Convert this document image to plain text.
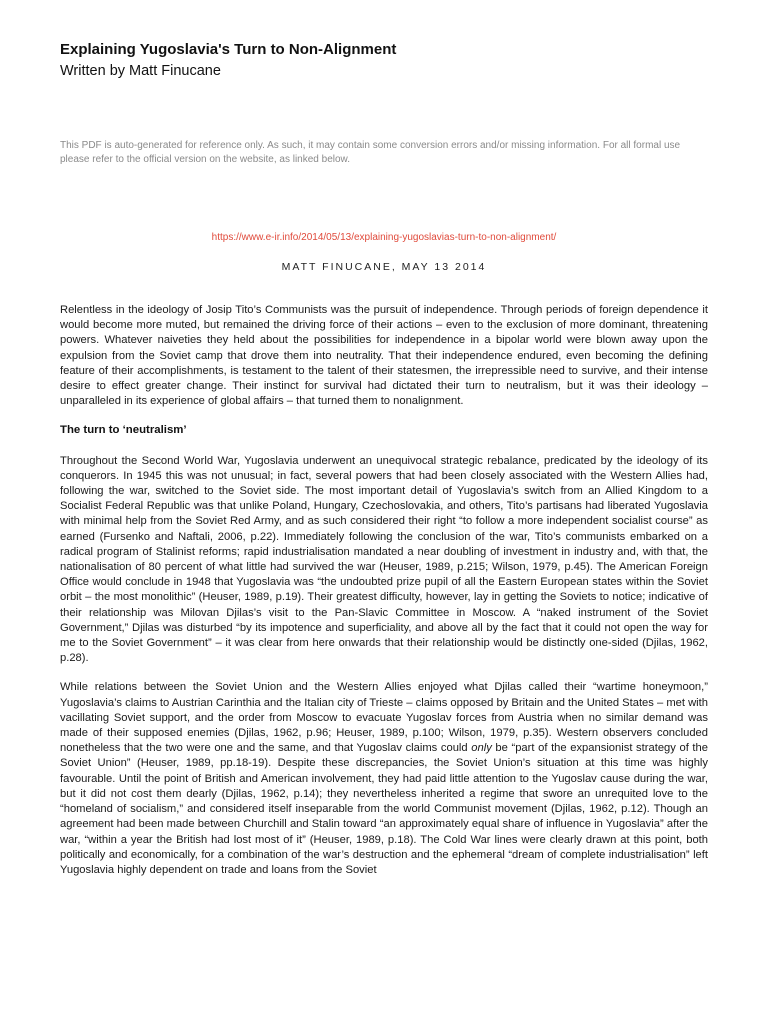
Explaining Yugoslavia's Turn to Non-Alignment
Written by Matt Finucane
This PDF is auto-generated for reference only. As such, it may contain some conversion errors and/or missing information. For all formal use please refer to the official version on the website, as linked below.
https://www.e-ir.info/2014/05/13/explaining-yugoslavias-turn-to-non-alignment/
MATT FINUCANE, MAY 13 2014

Relentless in the ideology of Josip Tito’s Communists was the pursuit of independence. Through periods of foreign dependence it would become more muted, but remained the driving force of their actions – even to the exclusion of more dominant, threatening powers. Whatever naiveties they held about the possibilities for independence in a bipolar world were blown away upon the expulsion from the Soviet camp that drove them into neutrality. That their independence endured, even becoming the defining feature of their accomplishments, is testament to the talent of their statesmen, the irrepressible need to survive, and their intense desire to effect greater change. Their instinct for survival had dictated their turn to neutralism, but it was their ideology – unparalleled in its experience of global affairs – that turned them to nonalignment.

The turn to ‘neutralism’

Throughout the Second World War, Yugoslavia underwent an unequivocal strategic rebalance, predicated by the ideology of its conquerors. In 1945 this was not unusual; in fact, several powers that had been closely associated with the Western Allies had, following the war, switched to the Soviet side. The most important detail of Yugoslavia’s switch from an Allied Kingdom to a Socialist Federal Republic was that unlike Poland, Hungary, Czechoslovakia, and others, Tito’s partisans had liberated Yugoslavia with minimal help from the Soviet Red Army, and as such considered their right “to follow a more independent socialist course” as earned (Fursenko and Naftali, 2006, p.22). Immediately following the conclusion of the war, Tito’s communists embarked on a radical program of Stalinist reforms; rapid industrialisation mandated a near doubling of investment in industry and, with that, the nationalisation of 80 percent of what little had survived the war (Heuser, 1989, p.215; Wilson, 1979, p.45). The American Foreign Office would conclude in 1948 that Yugoslavia was “the undoubted prize pupil of all the Eastern European states within the Soviet orbit – the most monolithic” (Heuser, 1989, p.19). Their greatest difficulty, however, lay in getting the Soviets to notice; indicative of their relationship was Milovan Djilas’s visit to the Pan-Slavic Committee in Moscow. A “naked instrument of the Soviet Government,” Djilas was disturbed “by its impotence and superficiality, and above all by the fact that it could not open the way for me to the Soviet Government” – it was clear from here onwards that their relationship would be distinctly one-sided (Djilas, 1962, p.28).

While relations between the Soviet Union and the Western Allies enjoyed what Djilas called their “wartime honeymoon,” Yugoslavia’s claims to Austrian Carinthia and the Italian city of Trieste – claims opposed by Britain and the United States – met with vacillating Soviet support, and the order from Moscow to evacuate Yugoslav forces from Austria when no similar demand was made of their supposed enemies (Djilas, 1962, p.96; Heuser, 1989, p.100; Wilson, 1979, p.35). Western observers concluded nonetheless that the two were one and the same, and that Yugoslav claims could only be “part of the expansionist strategy of the Soviet Union” (Heuser, 1989, pp.18-19). Despite these discrepancies, the Soviet Union’s situation at this time was highly favourable. Until the point of British and American involvement, they had paid little attention to the Yugoslav cause during the war, but it did not cost them dearly (Djilas, 1962, p.14); they nevertheless inherited a regime that swore an unrequited love to the “homeland of socialism,” and considered itself inseparable from the world Communist movement (Djilas, 1962, p.12). Though an agreement had been made between Churchill and Stalin toward “an approximately equal share of influence in Yugoslavia” after the war, “within a year the British had lost most of it” (Heuser, 1989, p.18). The Cold War lines were clearly drawn at this point, both politically and economically, for a combination of the war’s destruction and the ephemeral “dream of complete industrialisation” left Yugoslavia highly dependent on trade and loans from the Soviet
